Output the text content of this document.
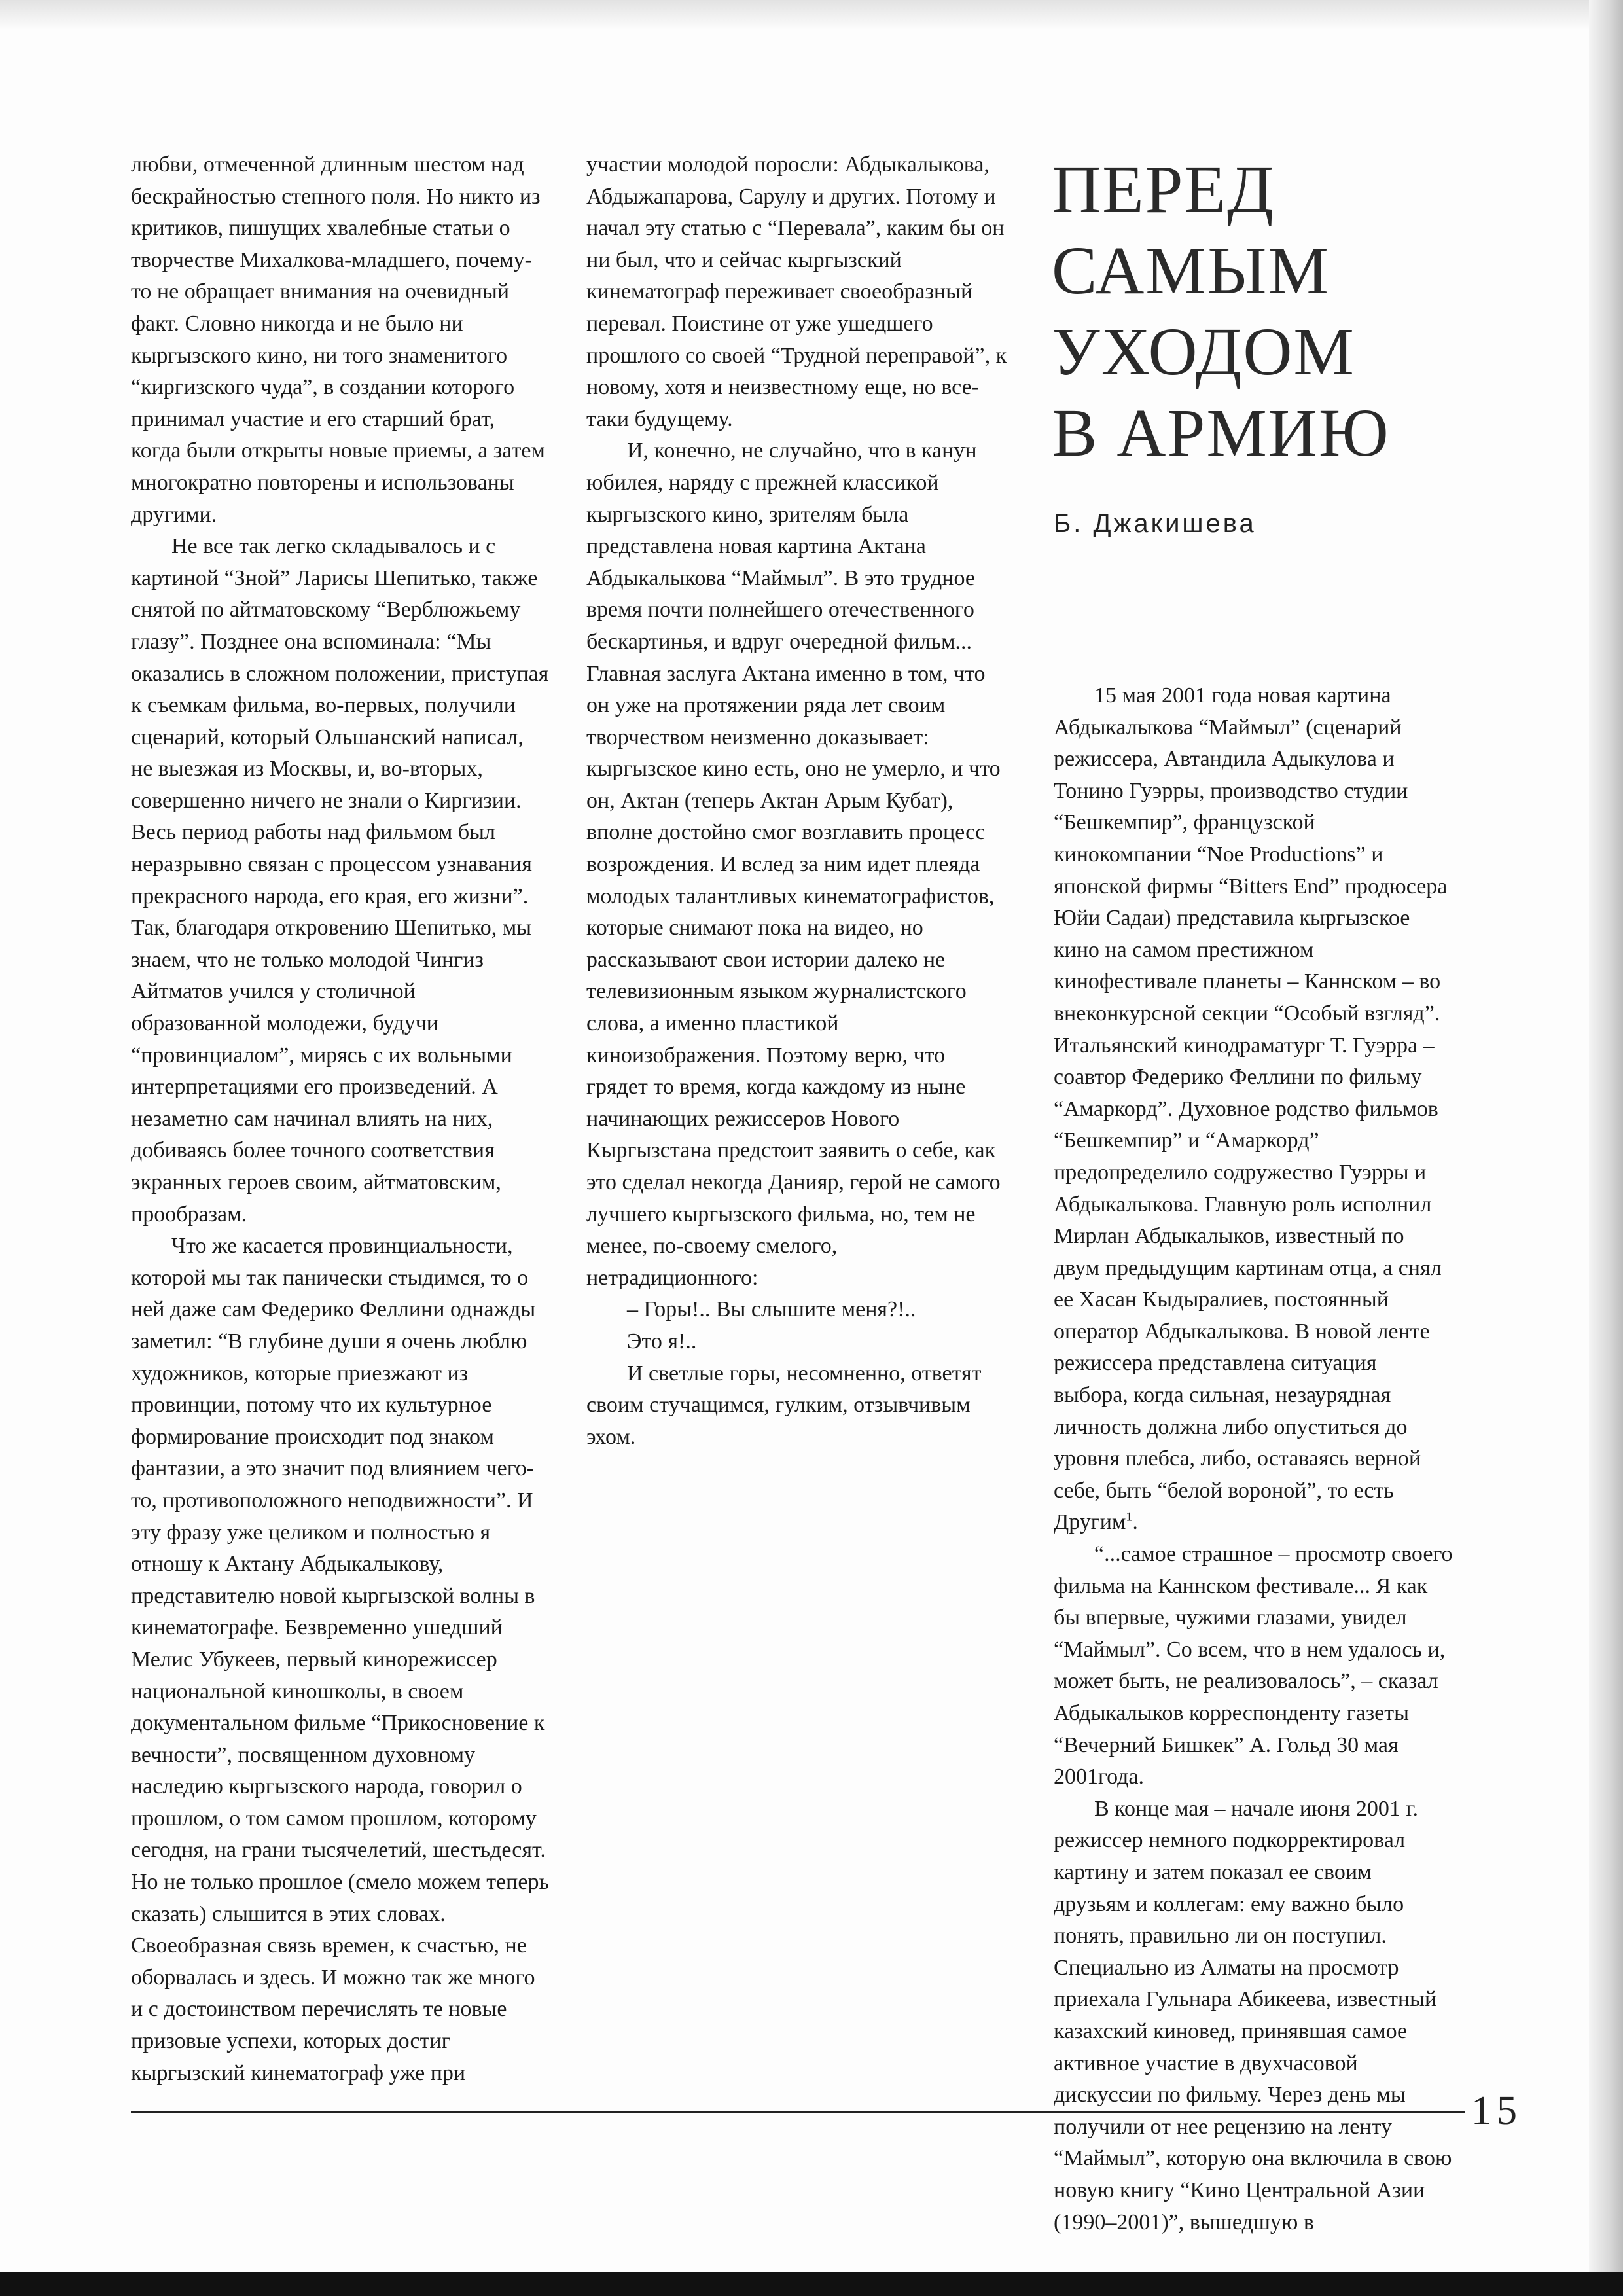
любви, отмеченной длинным шестом над бескрайностью степного поля. Но никто из критиков, пишущих хвалебные статьи о творчестве Михалкова-младшего, почему-то не обращает внимания на очевидный факт. Словно никогда и не было ни кыргызского кино, ни того знаменитого “киргизского чуда”, в создании которого принимал участие и его старший брат, когда были открыты новые приемы, а затем многократно повторены и использованы другими.

Не все так легко складывалось и с картиной “Зной” Ларисы Шепитько, также снятой по айтматовскому “Верблюжьему глазу”. Позднее она вспоминала: “Мы оказались в сложном положении, приступая к съемкам фильма, во-первых, получили сценарий, который Ольшанский написал, не выезжая из Москвы, и, во-вторых, совершенно ничего не знали о Киргизии. Весь период работы над фильмом был неразрывно связан с процессом узнавания прекрасного народа, его края, его жизни”. Так, благодаря откровению Шепитько, мы знаем, что не только молодой Чингиз Айтматов учился у столичной образованной молодежи, будучи “провинциалом”, мирясь с их вольными интерпретациями его произведений. А незаметно сам начинал влиять на них, добиваясь более точного соответствия экранных героев своим, айтматовским, прообразам.

Что же касается провинциальности, которой мы так панически стыдимся, то о ней даже сам Федерико Феллини однажды заметил: “В глубине души я очень люблю художников, которые приезжают из провинции, потому что их культурное формирование происходит под знаком фантазии, а это значит под влиянием чего-то, противоположного неподвижности”. И эту фразу уже целиком и полностью я отношу к Актану Абдыкалыкову, представителю новой кыргызской волны в кинематографе. Безвременно ушедший Мелис Убукеев, первый кинорежиссер национальной киношколы, в своем документальном фильме “Прикосновение к вечности”, посвященном духовному наследию кыргызского народа, говорил о прошлом, о том самом прошлом, которому сегодня, на грани тысячелетий, шестьдесят. Но не только прошлое (смело можем теперь сказать) слышится в этих словах. Своеобразная связь времен, к счастью, не оборвалась и здесь. И можно так же много и с достоинством перечислять те новые призовые успехи, которых достиг кыргызский кинематограф уже при

участии молодой поросли: Абдыкалыкова, Абдыжапарова, Сарулу и других. Потому и начал эту статью с “Перевала”, каким бы он ни был, что и сейчас кыргызский кинематограф переживает своеобразный перевал. Поистине от уже ушедшего прошлого со своей “Трудной переправой”, к новому, хотя и неизвестному еще, но все-таки будущему.

И, конечно, не случайно, что в канун юбилея, наряду с прежней классикой кыргызского кино, зрителям была представлена новая картина Актана Абдыкалыкова “Маймыл”. В это трудное время почти полнейшего отечественного бескартинья, и вдруг очередной фильм... Главная заслуга Актана именно в том, что он уже на протяжении ряда лет своим творчеством неизменно доказывает: кыргызское кино есть, оно не умерло, и что он, Актан (теперь Актан Арым Кубат), вполне достойно смог возглавить процесс возрождения. И вслед за ним идет плеяда молодых талантливых кинематографистов, которые снимают пока на видео, но рассказывают свои истории далеко не телевизионным языком журналистского слова, а именно пластикой киноизображения. Поэтому верю, что грядет то время, когда каждому из ныне начинающих режиссеров Нового Кыргызстана предстоит заявить о себе, как это сделал некогда Данияр, герой не самого лучшего кыргызского фильма, но, тем не менее, по-своему смелого, нетрадиционного:

– Горы!.. Вы слышите меня?!..

Это я!..

И светлые горы, несомненно, ответят своим стучащимся, гулким, отзывчивым эхом.

ПЕРЕД
САМЫМ
УХОДОМ
В АРМИЮ
Б. Джакишева

15 мая 2001 года новая картина Абдыкалыкова “Маймыл” (сценарий режиссера, Автандила Адыкулова и Тонино Гуэрры, производство студии “Бешкемпир”, французской кинокомпании “Noe Productions” и японской фирмы “Bitters End” продюсера Юйи Садаи) представила кыргызское кино на самом престижном кинофестивале планеты – Каннском – во внеконкурсной секции “Особый взгляд”. Итальянский кинодраматург Т. Гуэрра – соавтор Федерико Феллини по фильму “Амаркорд”. Духовное родство фильмов “Бешкемпир” и “Амаркорд” предопределило содружество Гуэрры и Абдыкалыкова. Главную роль исполнил Мирлан Абдыкалыков, известный по двум предыдущим картинам отца, а снял ее Хасан Кыдыралиев, постоянный оператор Абдыкалыкова. В новой ленте режиссера представлена ситуация выбора, когда сильная, незаурядная личность должна либо опуститься до уровня плебса, либо, оставаясь верной себе, быть “белой вороной”, то есть Другим$^1$.

“...самое страшное – просмотр своего фильма на Каннском фестивале... Я как бы впервые, чужими глазами, увидел “Маймыл”. Со всем, что в нем удалось и, может быть, не реализовалось”, – сказал Абдыкалыков корреспонденту газеты “Вечерний Бишкек” А. Гольд 30 мая 2001года.

В конце мая – начале июня 2001 г. режиссер немного подкорректировал картину и затем показал ее своим друзьям и коллегам: ему важно было понять, правильно ли он поступил. Специально из Алматы на просмотр приехала Гульнара Абикеева, известный казахский киновед, принявшая самое активное участие в двухчасовой дискуссии по фильму. Через день мы получили от нее рецензию на ленту “Маймыл”, которую она включила в свою новую книгу “Кино Центральной Азии (1990–2001)”, вышедшую в

15
